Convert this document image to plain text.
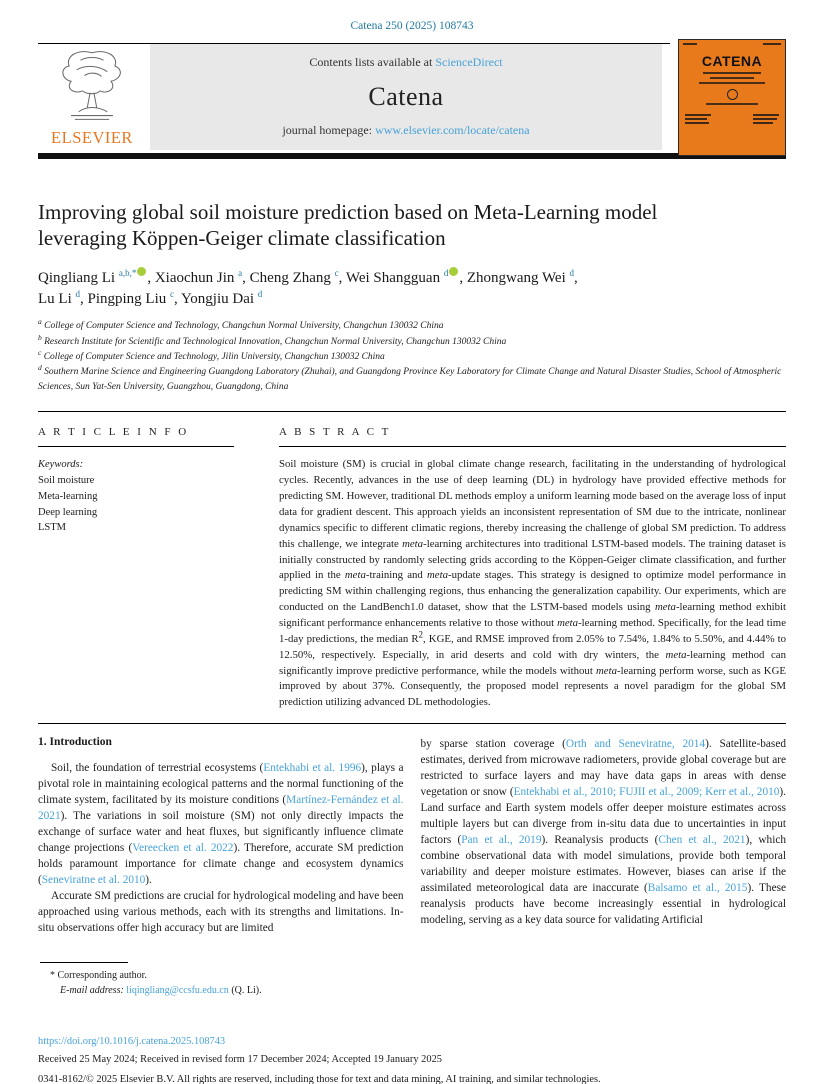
Catena 250 (2025) 108743
ELSEVIER
Contents lists available at ScienceDirect
Catena
journal homepage: www.elsevier.com/locate/catena
CATENA
Improving global soil moisture prediction based on Meta-Learning model leveraging Köppen-Geiger climate classification
Qingliang Li $^{a,b,*}$ , Xiaochun Jin $^a$, Cheng Zhang $^c$, Wei Shangguan $^d$ , Zhongwang Wei $^d$,
Lu Li $^d$, Pingping Liu $^c$, Yongjiu Dai $^d$
$^a$ College of Computer Science and Technology, Changchun Normal University, Changchun 130032 China
$^b$ Research Institute for Scientific and Technological Innovation, Changchun Normal University, Changchun 130032 China
$^c$ College of Computer Science and Technology, Jilin University, Changchun 130032 China
$^d$ Southern Marine Science and Engineering Guangdong Laboratory (Zhuhai), and Guangdong Province Key Laboratory for Climate Change and Natural Disaster Studies, School of Atmospheric Sciences, Sun Yat-Sen University, Guangzhou, Guangdong, China
A R T I C L E I N F O
Keywords:
Soil moisture
Meta-learning
Deep learning
LSTM
A B S T R A C T

Soil moisture (SM) is crucial in global climate change research, facilitating in the understanding of hydrological cycles. Recently, advances in the use of deep learning (DL) in hydrology have provided effective methods for predicting SM. However, traditional DL methods employ a uniform learning mode based on the average loss of input data for gradient descent. This approach yields an inconsistent representation of SM due to the intricate, nonlinear dynamics specific to different climatic regions, thereby increasing the challenge of global SM prediction. To address this challenge, we integrate meta-learning architectures into traditional LSTM-based models. The training dataset is initially constructed by randomly selecting grids according to the Köppen-Geiger climate classification, and further applied in the meta-training and meta-update stages. This strategy is designed to optimize model performance in predicting SM within challenging regions, thus enhancing the generalization capability. Our experiments, which are conducted on the LandBench1.0 dataset, show that the LSTM-based models using meta-learning method exhibit significant performance enhancements relative to those without meta-learning method. Specifically, for the lead time 1-day predictions, the median $R^2$, KGE, and RMSE improved from 2.05% to 7.54%, 1.84% to 5.50%, and 4.44% to 12.50%, respectively. Especially, in arid deserts and cold with dry winters, the meta-learning method can significantly improve predictive performance, while the models without meta-learning perform worse, such as KGE improved by about 37%. Consequently, the proposed model represents a novel paradigm for the global SM prediction utilizing advanced DL methodologies.

1. Introduction

Soil, the foundation of terrestrial ecosystems (Entekhabi et al. 1996), plays a pivotal role in maintaining ecological patterns and the normal functioning of the climate system, facilitated by its moisture conditions (Martínez-Fernández et al. 2021). The variations in soil moisture (SM) not only directly impacts the exchange of surface water and heat fluxes, but significantly influence climate change projections (Vereecken et al. 2022). Therefore, accurate SM prediction holds paramount importance for climate change and ecosystem dynamics (Seneviratne et al. 2010).

Accurate SM predictions are crucial for hydrological modeling and have been approached using various methods, each with its strengths and limitations. In-situ observations offer high accuracy but are limited

* Corresponding author.
E-mail address: liqingliang@ccsfu.edu.cn (Q. Li).

by sparse station coverage (Orth and Seneviratne, 2014). Satellite-based estimates, derived from microwave radiometers, provide global coverage but are restricted to surface layers and may have data gaps in areas with dense vegetation or snow (Entekhabi et al., 2010; FUJII et al., 2009; Kerr et al., 2010). Land surface and Earth system models offer deeper moisture estimates across multiple layers but can diverge from in-situ data due to uncertainties in input factors (Pan et al., 2019). Reanalysis products (Chen et al., 2021), which combine observational data with model simulations, provide both temporal variability and deeper moisture estimates. However, biases can arise if the assimilated meteorological data are inaccurate (Balsamo et al., 2015). These reanalysis products have become increasingly essential in hydrological modeling, serving as a key data source for validating Artificial

https://doi.org/10.1016/j.catena.2025.108743
Received 25 May 2024; Received in revised form 17 December 2024; Accepted 19 January 2025
0341-8162/© 2025 Elsevier B.V. All rights are reserved, including those for text and data mining, AI training, and similar technologies.
